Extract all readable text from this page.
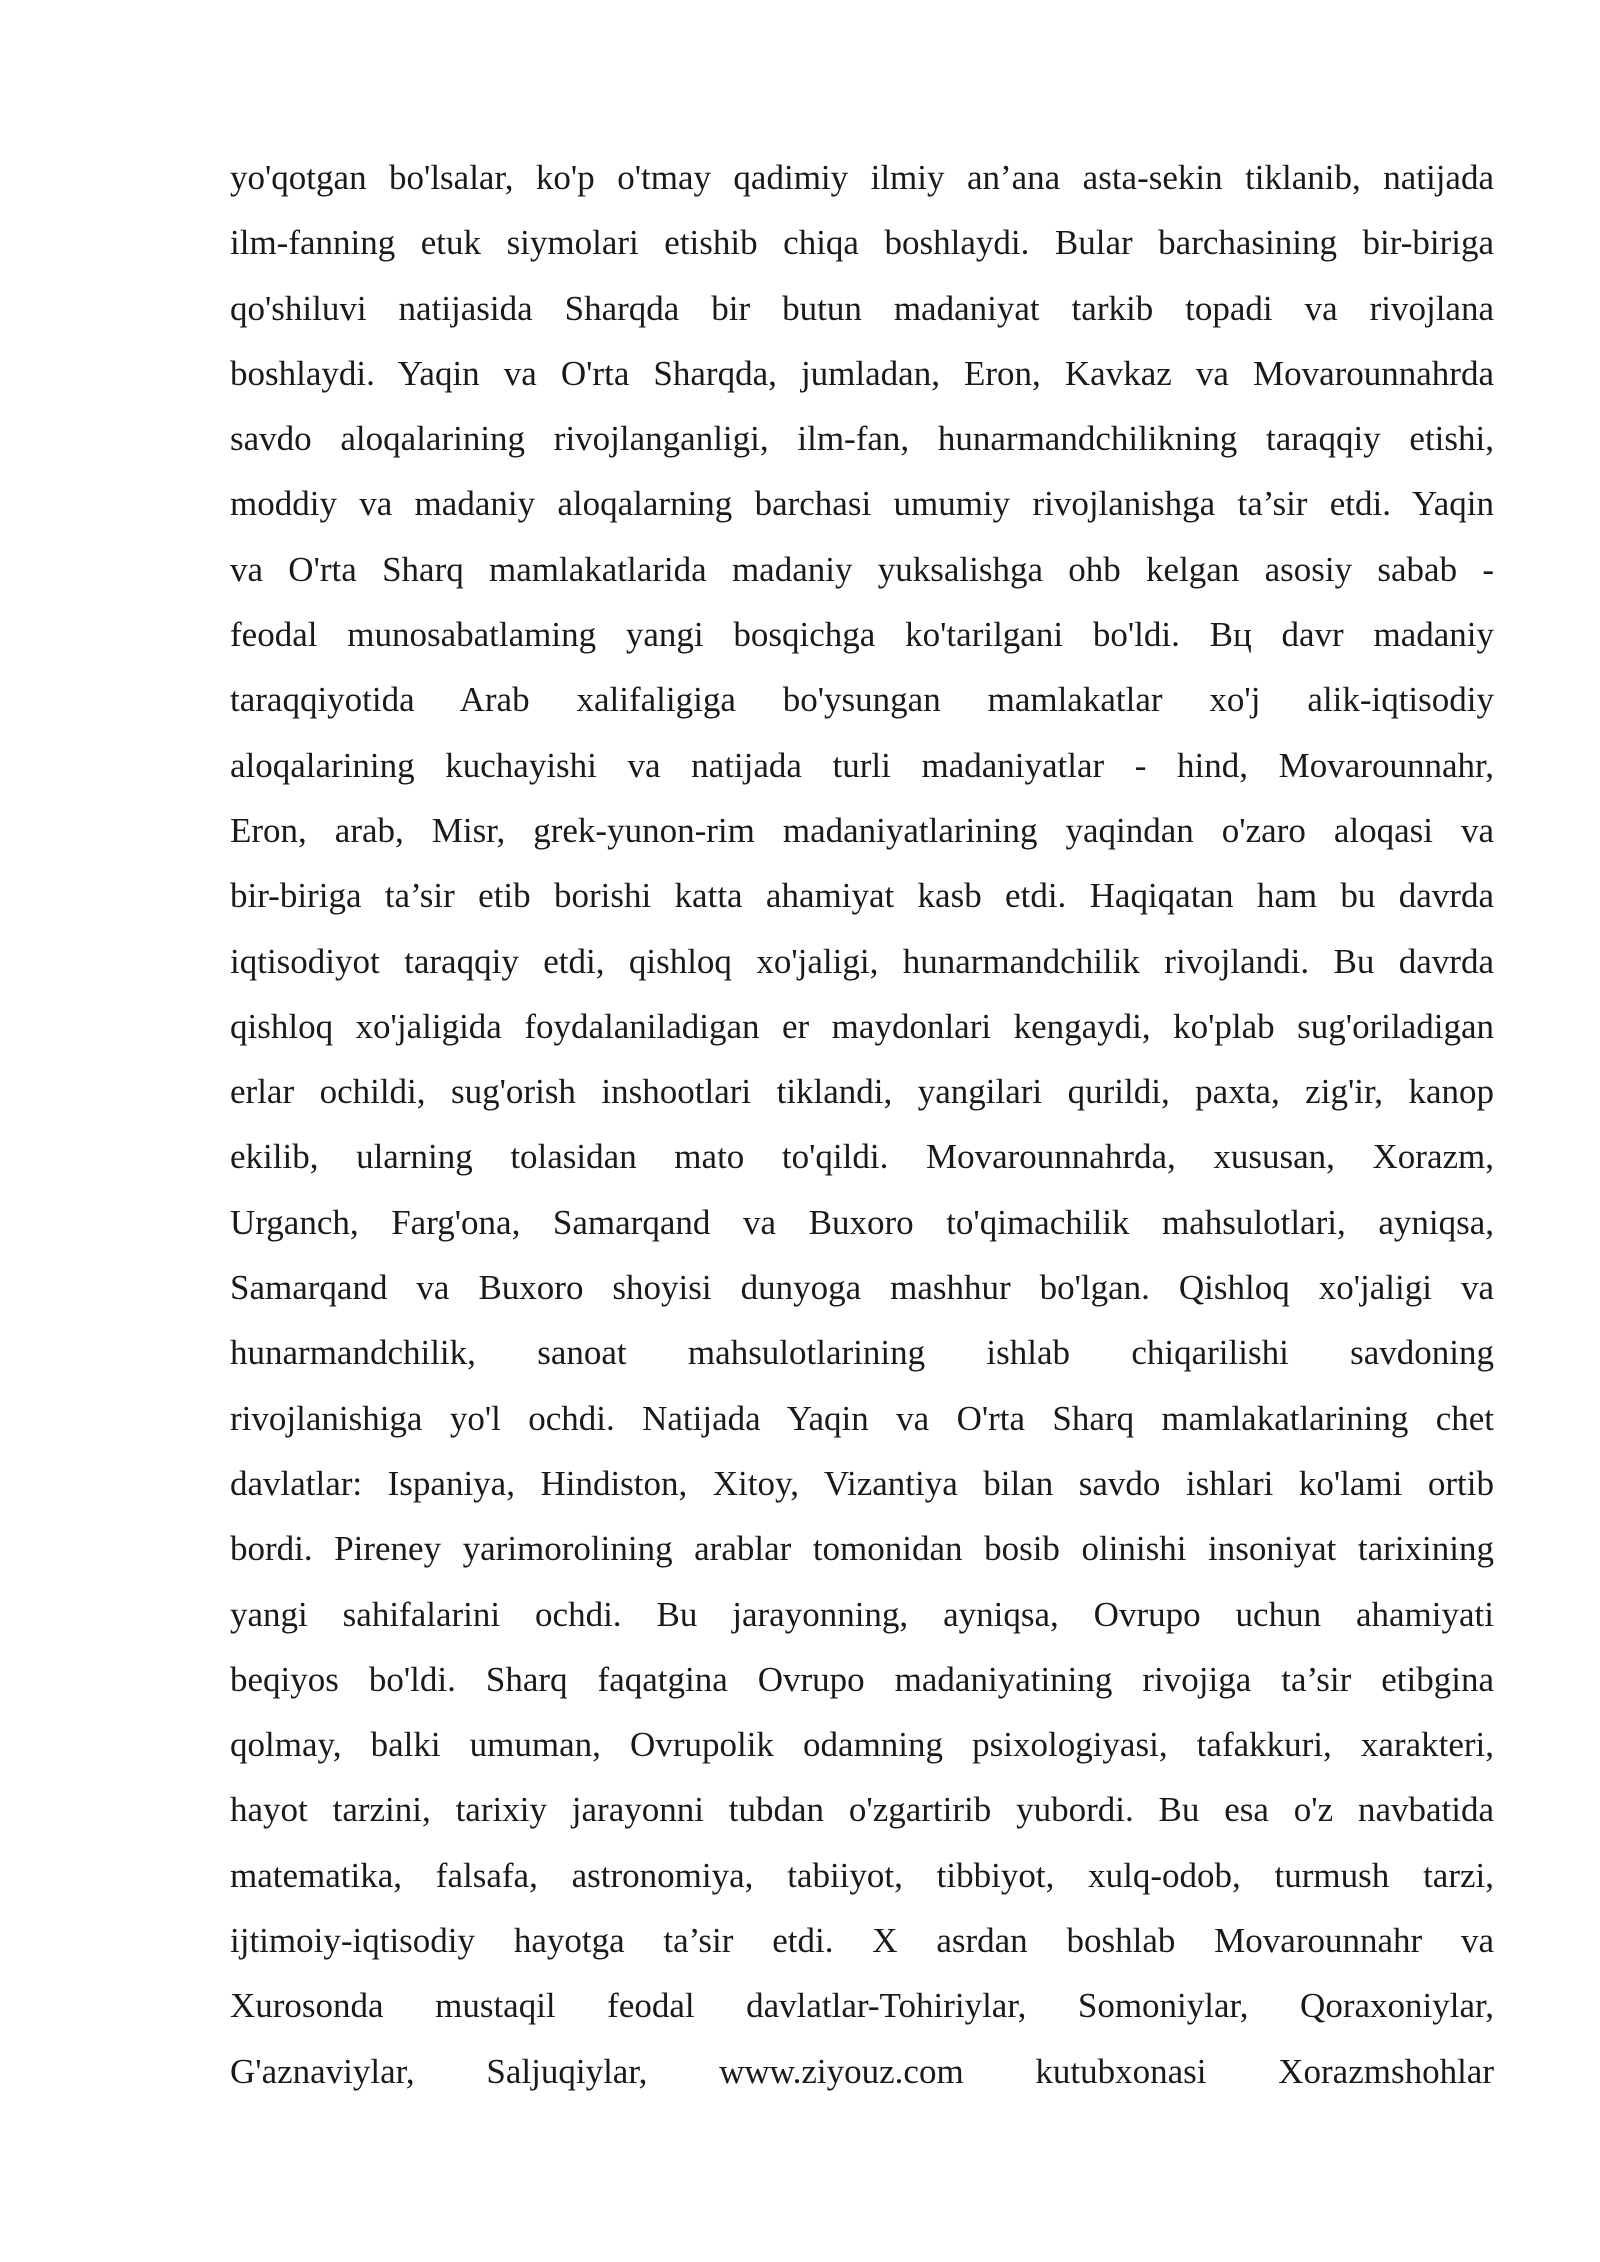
yo'qotgan bo'lsalar, ko'p o'tmay qadimiy ilmiy an’ana asta-sekin tiklanib, natijada
ilm-fanning etuk siymolari etishib chiqa boshlaydi. Bular barchasining bir-biriga
qo'shiluvi natijasida Sharqda bir butun madaniyat tarkib topadi va rivojlana
boshlaydi. Yaqin va O'rta Sharqda, jumladan, Eron, Kavkaz va Movarounnahrda
savdo aloqalarining rivojlanganligi, ilm-fan, hunarmandchilikning taraqqiy etishi,
moddiy va madaniy aloqalarning barchasi umumiy rivojlanishga ta’sir etdi. Yaqin
va O'rta Sharq mamlakatlarida madaniy yuksalishga ohb kelgan asosiy sabab -
feodal munosabatlaming yangi bosqichga ko'tarilgani bo'ldi. Bц davr madaniy
taraqqiyotida Arab xalifaligiga bo'ysungan mamlakatlar xo'j alik-iqtisodiy
aloqalarining kuchayishi va natijada turli madaniyatlar - hind, Movarounnahr,
Eron, arab, Misr, grek-yunon-rim madaniyatlarining yaqindan o'zaro aloqasi va
bir-biriga ta’sir etib borishi katta ahamiyat kasb etdi. Haqiqatan ham bu davrda
iqtisodiyot taraqqiy etdi, qishloq xo'jaligi, hunarmandchilik rivojlandi. Bu davrda
qishloq xo'jaligida foydalaniladigan er maydonlari kengaydi, ko'plab sug'oriladigan
erlar ochildi, sug'orish inshootlari tiklandi, yangilari qurildi, paxta, zig'ir, kanop
ekilib, ularning tolasidan mato to'qildi. Movarounnahrda, xususan, Xorazm,
Urganch, Farg'ona, Samarqand va Buxoro to'qimachilik mahsulotlari, ayniqsa,
Samarqand va Buxoro shoyisi dunyoga mashhur bo'lgan. Qishloq xo'jaligi va
hunarmandchilik, sanoat mahsulotlarining ishlab chiqarilishi savdoning
rivojlanishiga yo'l ochdi. Natijada Yaqin va O'rta Sharq mamlakatlarining chet
davlatlar: Ispaniya, Hindiston, Xitoy, Vizantiya bilan savdo ishlari ko'lami ortib
bordi. Pireney yarimorolining arablar tomonidan bosib olinishi insoniyat tarixining
yangi sahifalarini ochdi. Bu jarayonning, ayniqsa, Ovrupo uchun ahamiyati
beqiyos bo'ldi. Sharq faqatgina Ovrupo madaniyatining rivojiga ta’sir etibgina
qolmay, balki umuman, Ovrupolik odamning psixologiyasi, tafakkuri, xarakteri,
hayot tarzini, tarixiy jarayonni tubdan o'zgartirib yubordi. Bu esa o'z navbatida
matematika, falsafa, astronomiya, tabiiyot, tibbiyot, xulq-odob, turmush tarzi,
ijtimoiy-iqtisodiy hayotga ta’sir etdi. X asrdan boshlab Movarounnahr va
Xurosonda mustaqil feodal davlatlar-Tohiriylar, Somoniylar, Qoraxoniylar,
G'aznaviylar, Saljuqiylar, www.ziyouz.com kutubxonasi Xorazmshohlar
